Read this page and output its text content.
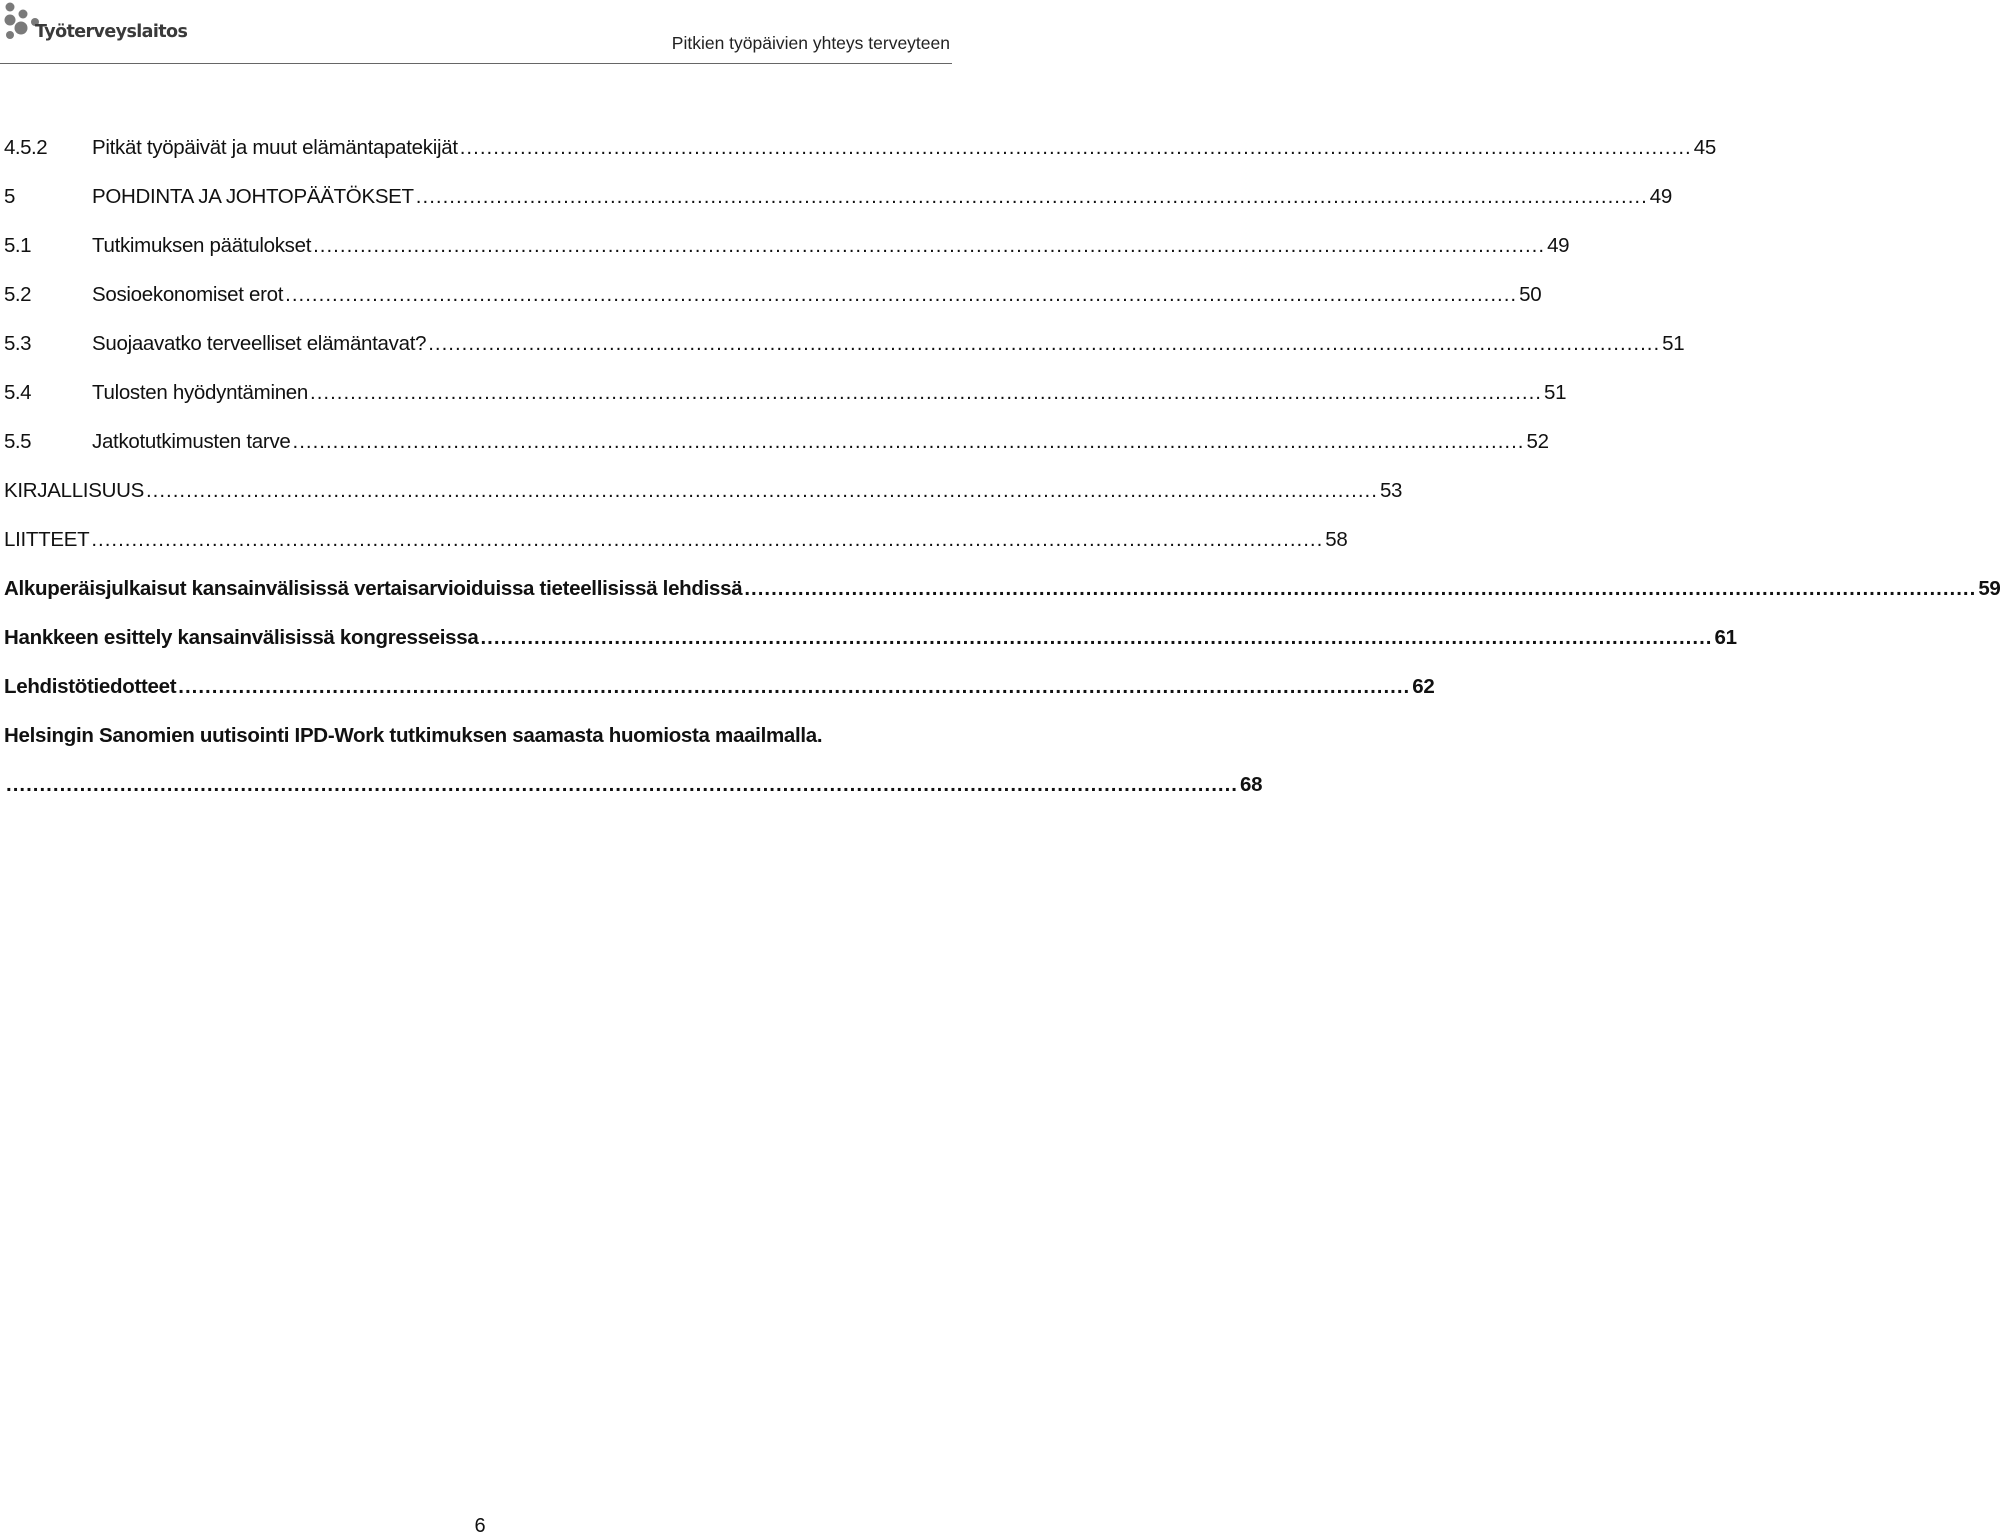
Työterveyslaitos
Pitkien työpäivien yhteys terveyteen
4.5.2	Pitkät työpäivät ja muut elämäntapatekijät ........................................................................................................................................................................................ 45
5	POHDINTA JA JOHTOPÄÄTÖKSET ........................................................................................................................................................................................ 49
5.1	Tutkimuksen päätulokset ........................................................................................................................................................................................ 49
5.2	Sosioekonomiset erot ........................................................................................................................................................................................ 50
5.3	Suojaavatko terveelliset elämäntavat? ........................................................................................................................................................................................ 51
5.4	Tulosten hyödyntäminen ........................................................................................................................................................................................ 51
5.5	Jatkotutkimusten tarve ........................................................................................................................................................................................ 52
KIRJALLISUUS ........................................................................................................................................................................................ 53
LIITTEET ........................................................................................................................................................................................ 58
Alkuperäisjulkaisut kansainvälisissä vertaisarvioiduissa tieteellisissä lehdissä ........................................................................................................................................................................................ 59
Hankkeen esittely kansainvälisissä kongresseissa ........................................................................................................................................................................................ 61
Lehdistötiedotteet ........................................................................................................................................................................................ 62
Helsingin Sanomien uutisointi IPD-Work tutkimuksen saamasta huomiosta maailmalla.
........................................................................................................................................................................................ 68
6
